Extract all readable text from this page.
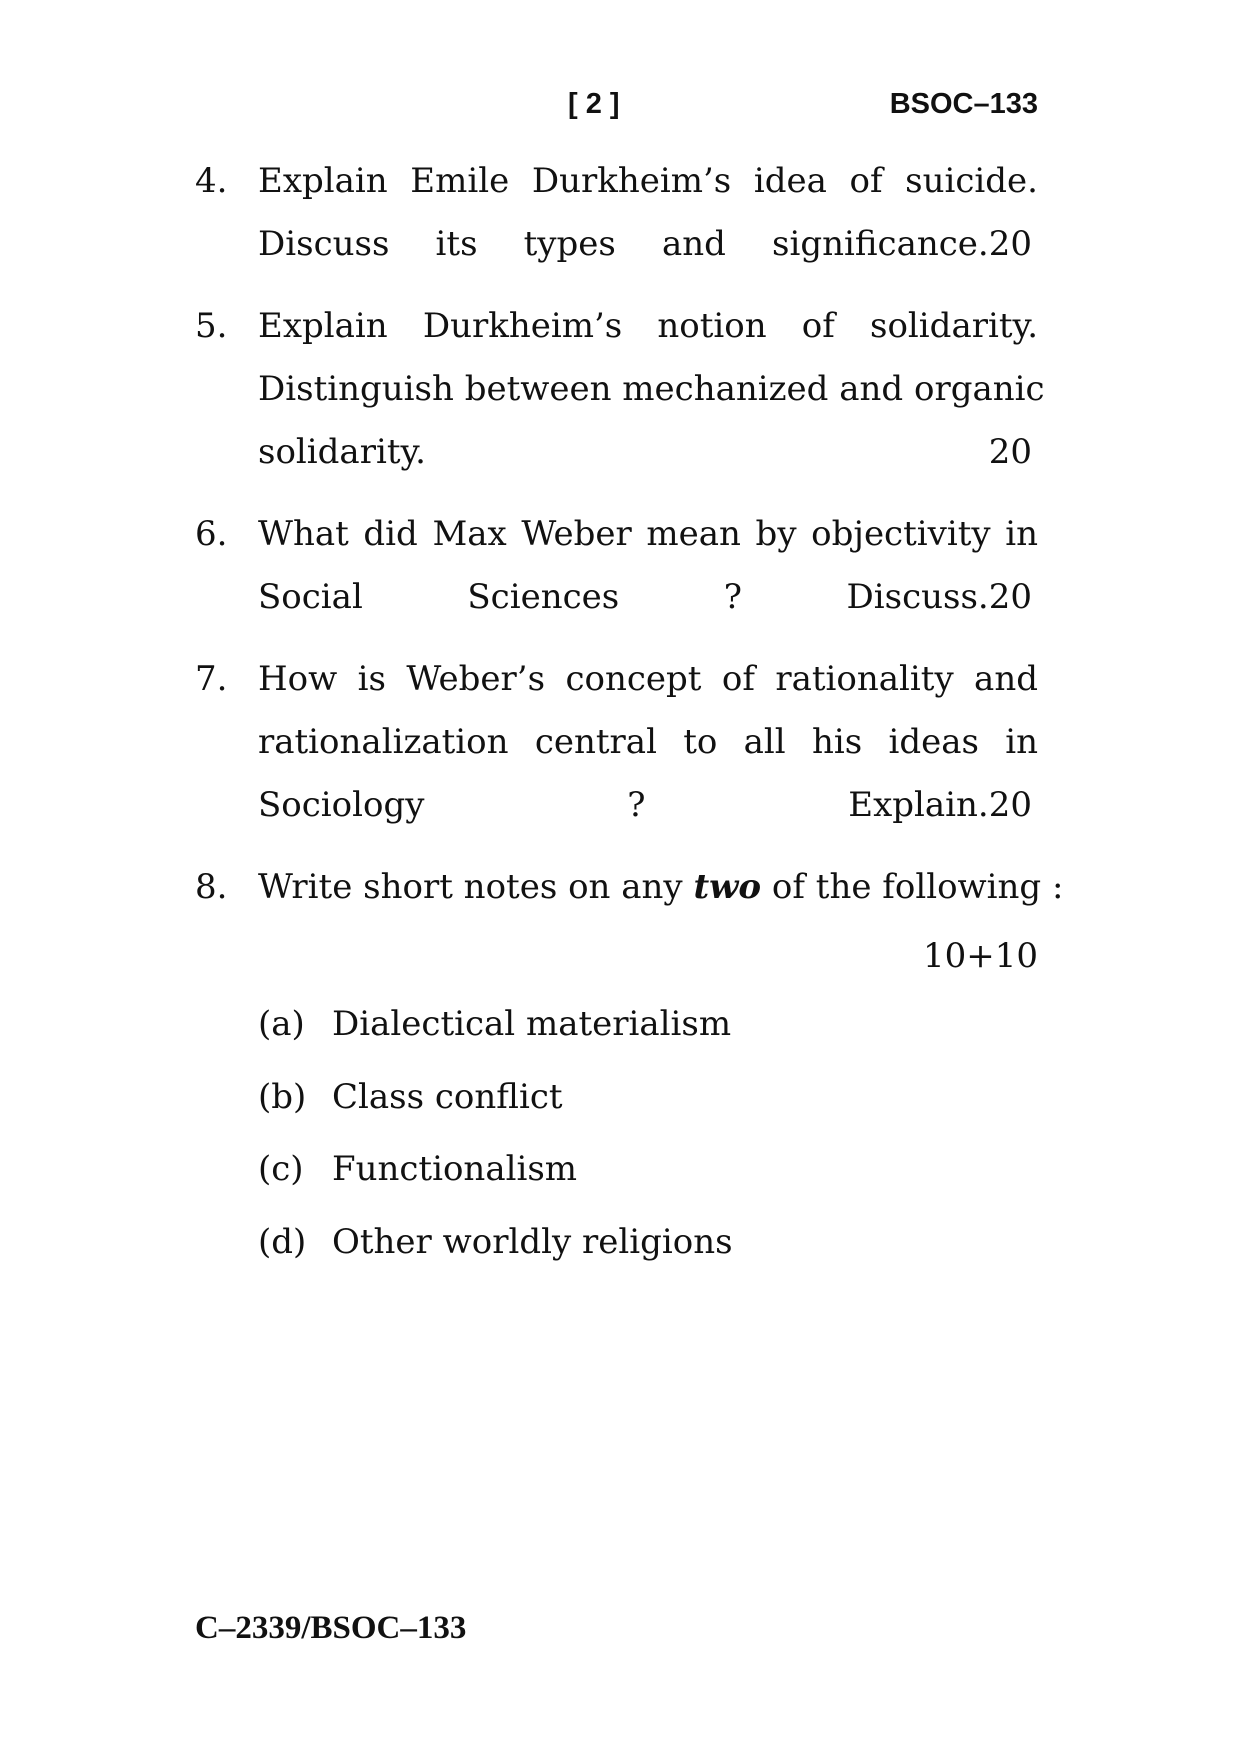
[ 2 ]	BSOC–133
4. Explain Emile Durkheim’s idea of suicide.
Discuss its types and significance. 20
5. Explain Durkheim’s notion of solidarity.
Distinguish between mechanized and organic
solidarity.	20
6. What did Max Weber mean by objectivity in
Social Sciences ? Discuss. 20
7. How is Weber’s concept of rationality and
rationalization central to all his ideas in
Sociology ? Explain. 20
8. Write short notes on any two of the following :
10+10
(a) Dialectical materialism
(b) Class conflict
(c) Functionalism
(d) Other worldly religions
C–2339/BSOC–133
